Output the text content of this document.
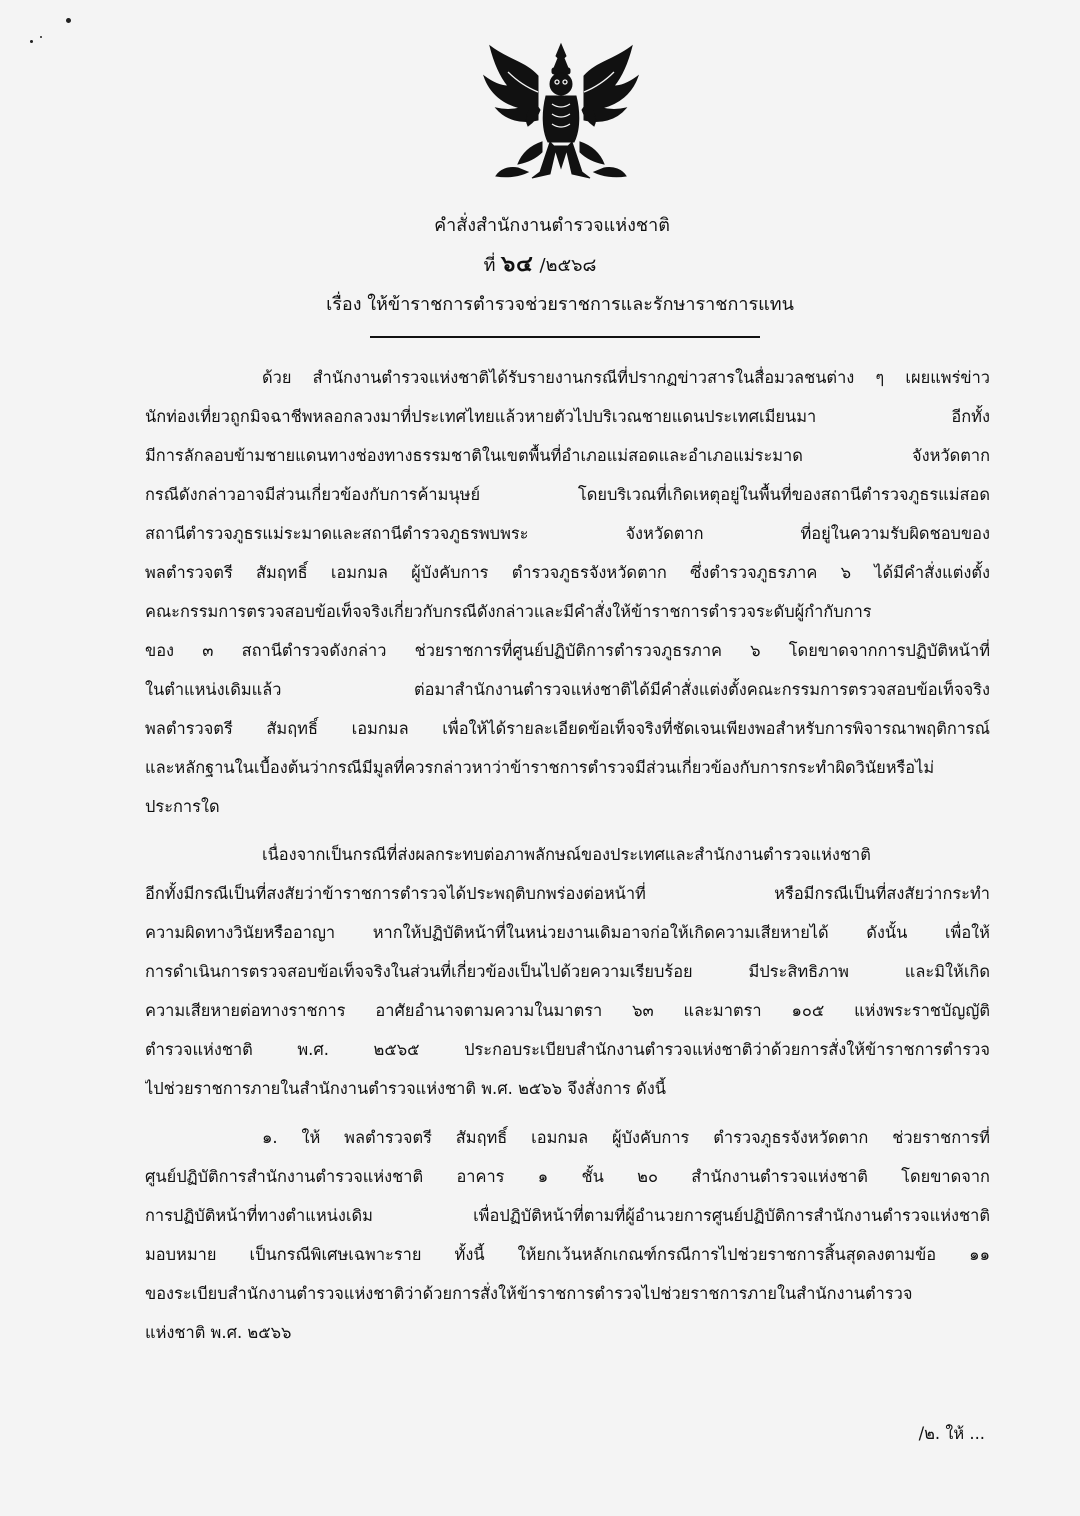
คำสั่งสำนักงานตำรวจแห่งชาติ
ที่ ๖๔ /๒๕๖๘
เรื่อง ให้ข้าราชการตำรวจช่วยราชการและรักษาราชการแทน
ด้วย สำนักงานตำรวจแห่งชาติได้รับรายงานกรณีที่ปรากฏข่าวสารในสื่อมวลชนต่าง ๆ เผยแพร่ข่าว
นักท่องเที่ยวถูกมิจฉาชีพหลอกลวงมาที่ประเทศไทยแล้วหายตัวไปบริเวณชายแดนประเทศเมียนมา อีกทั้ง
มีการลักลอบข้ามชายแดนทางช่องทางธรรมชาติในเขตพื้นที่อำเภอแม่สอดและอำเภอแม่ระมาด จังหวัดตาก
กรณีดังกล่าวอาจมีส่วนเกี่ยวข้องกับการค้ามนุษย์ โดยบริเวณที่เกิดเหตุอยู่ในพื้นที่ของสถานีตำรวจภูธรแม่สอด
สถานีตำรวจภูธรแม่ระมาดและสถานีตำรวจภูธรพบพระ จังหวัดตาก ที่อยู่ในความรับผิดชอบของ
พลตำรวจตรี สัมฤทธิ์ เอมกมล ผู้บังคับการ ตำรวจภูธรจังหวัดตาก ซึ่งตำรวจภูธรภาค ๖ ได้มีคำสั่งแต่งตั้ง
คณะกรรมการตรวจสอบข้อเท็จจริงเกี่ยวกับกรณีดังกล่าวและมีคำสั่งให้ข้าราชการตำรวจระดับผู้กำกับการ
ของ ๓ สถานีตำรวจดังกล่าว ช่วยราชการที่ศูนย์ปฏิบัติการตำรวจภูธรภาค ๖ โดยขาดจากการปฏิบัติหน้าที่
ในตำแหน่งเดิมแล้ว ต่อมาสำนักงานตำรวจแห่งชาติได้มีคำสั่งแต่งตั้งคณะกรรมการตรวจสอบข้อเท็จจริง
พลตำรวจตรี สัมฤทธิ์ เอมกมล เพื่อให้ได้รายละเอียดข้อเท็จจริงที่ชัดเจนเพียงพอสำหรับการพิจารณาพฤติการณ์
และหลักฐานในเบื้องต้นว่ากรณีมีมูลที่ควรกล่าวหาว่าข้าราชการตำรวจมีส่วนเกี่ยวข้องกับการกระทำผิดวินัยหรือไม่
ประการใด
เนื่องจากเป็นกรณีที่ส่งผลกระทบต่อภาพลักษณ์ของประเทศและสำนักงานตำรวจแห่งชาติ
อีกทั้งมีกรณีเป็นที่สงสัยว่าข้าราชการตำรวจได้ประพฤติบกพร่องต่อหน้าที่ หรือมีกรณีเป็นที่สงสัยว่ากระทำ
ความผิดทางวินัยหรืออาญา หากให้ปฏิบัติหน้าที่ในหน่วยงานเดิมอาจก่อให้เกิดความเสียหายได้ ดังนั้น เพื่อให้
การดำเนินการตรวจสอบข้อเท็จจริงในส่วนที่เกี่ยวข้องเป็นไปด้วยความเรียบร้อย มีประสิทธิภาพ และมิให้เกิด
ความเสียหายต่อทางราชการ อาศัยอำนาจตามความในมาตรา ๖๓ และมาตรา ๑๐๕ แห่งพระราชบัญญัติ
ตำรวจแห่งชาติ พ.ศ. ๒๕๖๕ ประกอบระเบียบสำนักงานตำรวจแห่งชาติว่าด้วยการสั่งให้ข้าราชการตำรวจ
ไปช่วยราชการภายในสำนักงานตำรวจแห่งชาติ พ.ศ. ๒๕๖๖ จึงสั่งการ ดังนี้
๑. ให้ พลตำรวจตรี สัมฤทธิ์ เอมกมล ผู้บังคับการ ตำรวจภูธรจังหวัดตาก ช่วยราชการที่
ศูนย์ปฏิบัติการสำนักงานตำรวจแห่งชาติ อาคาร ๑ ชั้น ๒๐ สำนักงานตำรวจแห่งชาติ โดยขาดจาก
การปฏิบัติหน้าที่ทางตำแหน่งเดิม เพื่อปฏิบัติหน้าที่ตามที่ผู้อำนวยการศูนย์ปฏิบัติการสำนักงานตำรวจแห่งชาติ
มอบหมาย เป็นกรณีพิเศษเฉพาะราย ทั้งนี้ ให้ยกเว้นหลักเกณฑ์กรณีการไปช่วยราชการสิ้นสุดลงตามข้อ ๑๑
ของระเบียบสำนักงานตำรวจแห่งชาติว่าด้วยการสั่งให้ข้าราชการตำรวจไปช่วยราชการภายในสำนักงานตำรวจ
แห่งชาติ พ.ศ. ๒๕๖๖
/๒. ให้ ...
